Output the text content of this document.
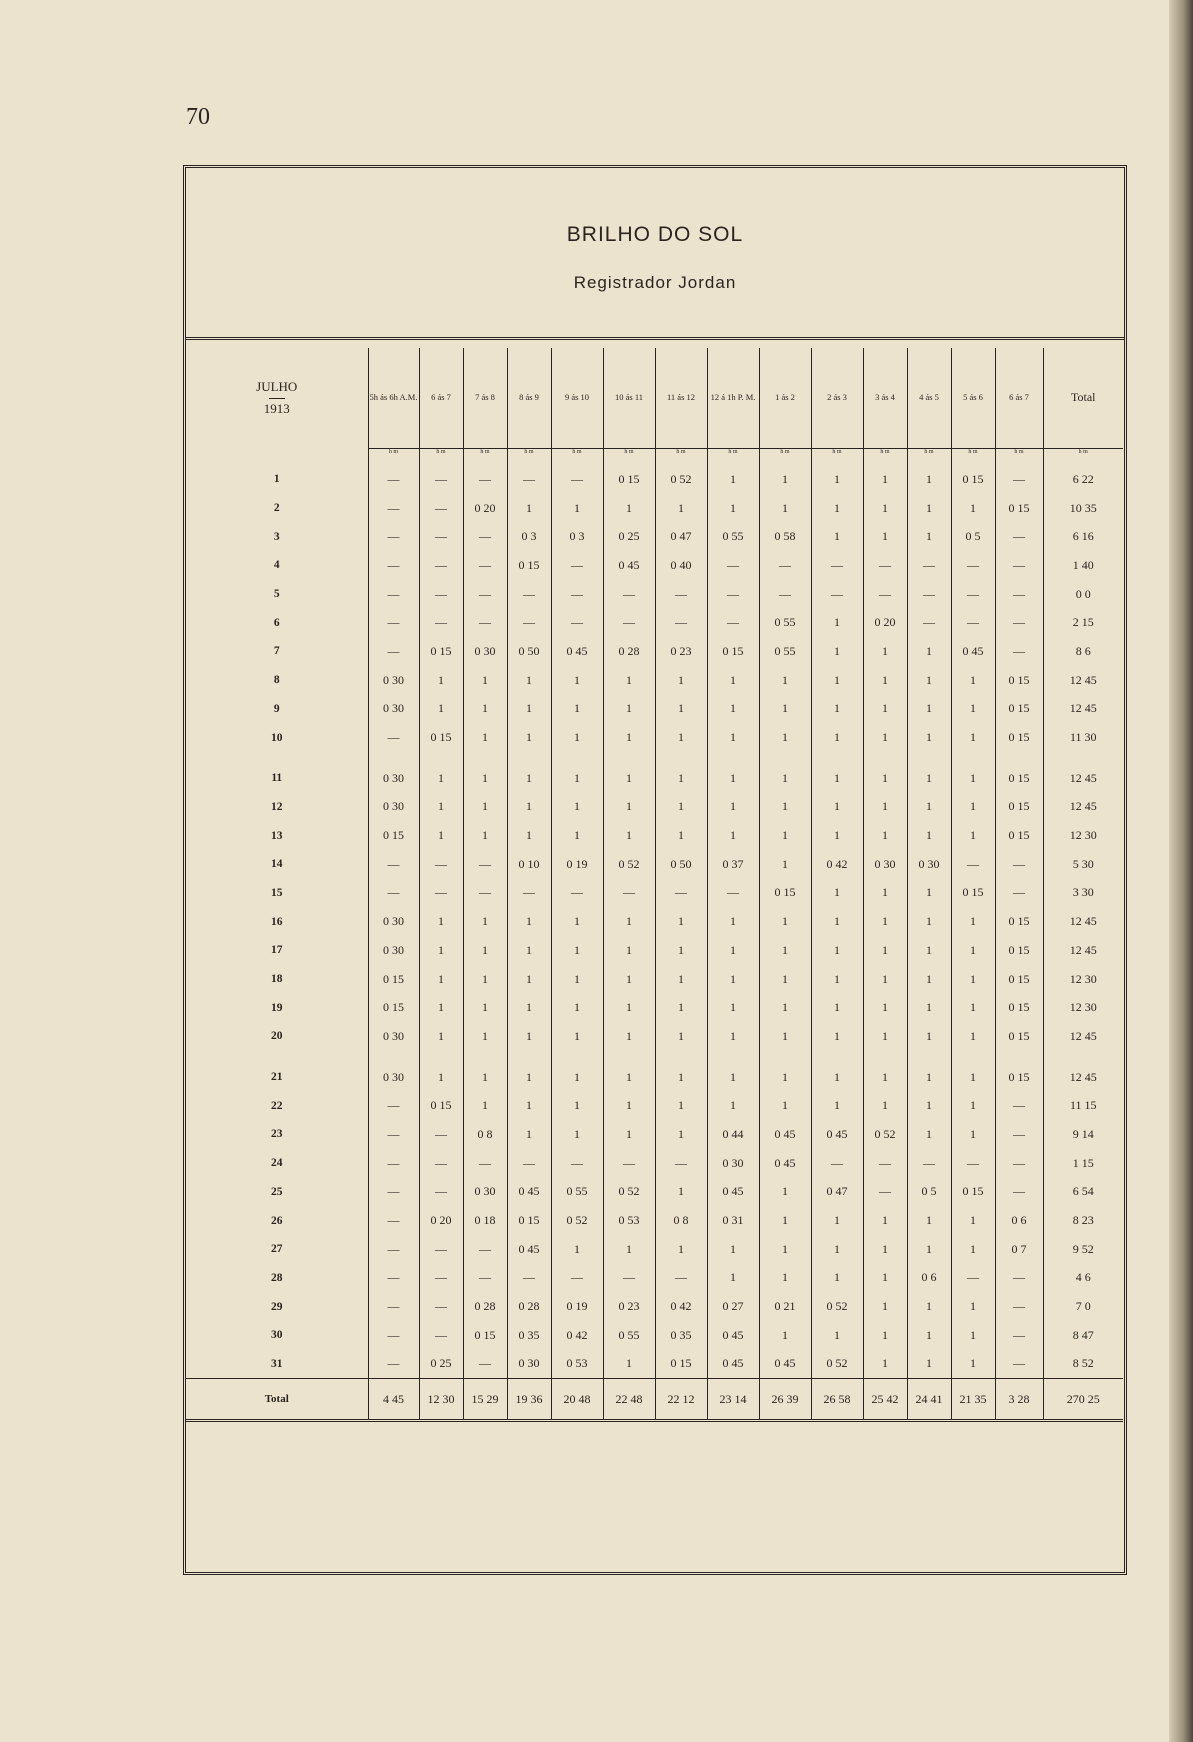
70
BRILHO DO SOL
Registrador Jordan
JULHO
1913	5h ás 6h A.M.	6 ás 7	7 ás 8	8 ás 9	9 ás 10	10 ás 11	11 ás 12	12 á 1h P. M.	1 ás 2	2 ás 3	3 ás 4	4 ás 5	5 ás 6	6 ás 7	Total
	h m	h m	h m	h m	h m	h m	h m	h m	h m	h m	h m	h m	h m	h m	h m
1	—	—	—	—	—	0 15	0 52	1	1	1	1	1	0 15	—	6 22
2	—	—	0 20	1	1	1	1	1	1	1	1	1	1	0 15	10 35
3	—	—	—	0 3	0 3	0 25	0 47	0 55	0 58	1	1	1	0 5	—	6 16
4	—	—	—	0 15	—	0 45	0 40	—	—	—	—	—	—	—	1 40
5	—	—	—	—	—	—	—	—	—	—	—	—	—	—	0 0
6	—	—	—	—	—	—	—	—	0 55	1	0 20	—	—	—	2 15
7	—	0 15	0 30	0 50	0 45	0 28	0 23	0 15	0 55	1	1	1	0 45	—	8 6
8	0 30	1	1	1	1	1	1	1	1	1	1	1	1	0 15	12 45
9	0 30	1	1	1	1	1	1	1	1	1	1	1	1	0 15	12 45
10	—	0 15	1	1	1	1	1	1	1	1	1	1	1	0 15	11 30
11	0 30	1	1	1	1	1	1	1	1	1	1	1	1	0 15	12 45
12	0 30	1	1	1	1	1	1	1	1	1	1	1	1	0 15	12 45
13	0 15	1	1	1	1	1	1	1	1	1	1	1	1	0 15	12 30
14	—	—	—	0 10	0 19	0 52	0 50	0 37	1	0 42	0 30	0 30	—	—	5 30
15	—	—	—	—	—	—	—	—	0 15	1	1	1	0 15	—	3 30
16	0 30	1	1	1	1	1	1	1	1	1	1	1	1	0 15	12 45
17	0 30	1	1	1	1	1	1	1	1	1	1	1	1	0 15	12 45
18	0 15	1	1	1	1	1	1	1	1	1	1	1	1	0 15	12 30
19	0 15	1	1	1	1	1	1	1	1	1	1	1	1	0 15	12 30
20	0 30	1	1	1	1	1	1	1	1	1	1	1	1	0 15	12 45
21	0 30	1	1	1	1	1	1	1	1	1	1	1	1	0 15	12 45
22	—	0 15	1	1	1	1	1	1	1	1	1	1	1	—	11 15
23	—	—	0 8	1	1	1	1	0 44	0 45	0 45	0 52	1	1	—	9 14
24	—	—	—	—	—	—	—	0 30	0 45	—	—	—	—	—	1 15
25	—	—	0 30	0 45	0 55	0 52	1	0 45	1	0 47	—	0 5	0 15	—	6 54
26	—	0 20	0 18	0 15	0 52	0 53	0 8	0 31	1	1	1	1	1	0 6	8 23
27	—	—	—	0 45	1	1	1	1	1	1	1	1	1	0 7	9 52
28	—	—	—	—	—	—	—	1	1	1	1	0 6	—	—	4 6
29	—	—	0 28	0 28	0 19	0 23	0 42	0 27	0 21	0 52	1	1	1	—	7 0
30	—	—	0 15	0 35	0 42	0 55	0 35	0 45	1	1	1	1	1	—	8 47
31	—	0 25	—	0 30	0 53	1	0 15	0 45	0 45	0 52	1	1	1	—	8 52
Total	4 45	12 30	15 29	19 36	20 48	22 48	22 12	23 14	26 39	26 58	25 42	24 41	21 35	3 28	270 25
